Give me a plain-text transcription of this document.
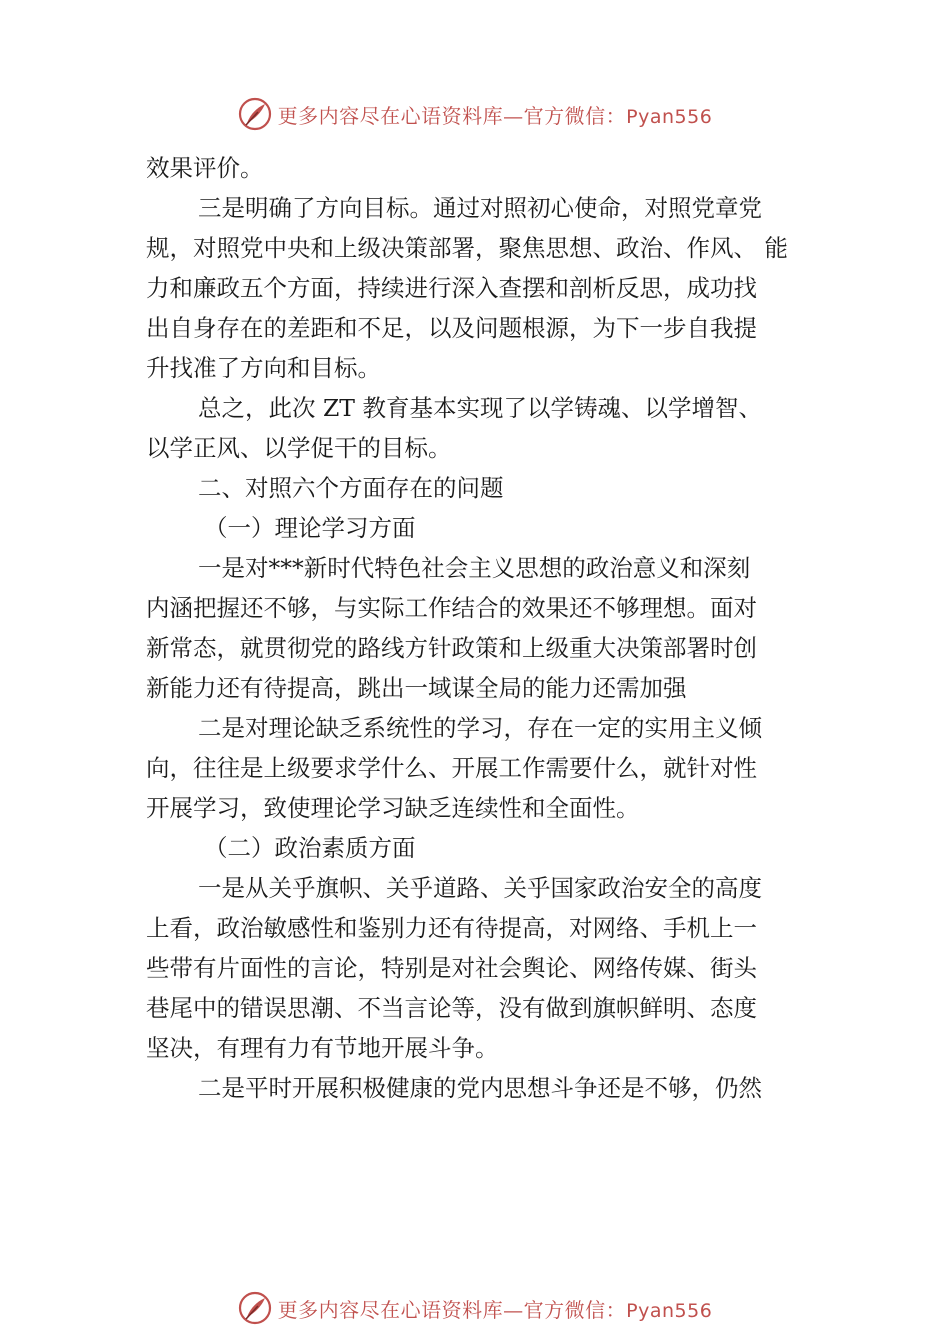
更多内容尽在心语资料库—官方微信：Pyan556
效果评价。
三是明确了方向目标。通过对照初心使命，对照党章党
规，对照党中央和上级决策部署，聚焦思想、政治、作风、 能
力和廉政五个方面，持续进行深入查摆和剖析反思，成功找
出自身存在的差距和不足，以及问题根源，为下一步自我提
升找准了方向和目标。
总之，此次 ZT 教育基本实现了以学铸魂、以学增智、
以学正风、以学促干的目标。
二、对照六个方面存在的问题
（一）理论学习方面
一是对***新时代特色社会主义思想的政治意义和深刻
内涵把握还不够，与实际工作结合的效果还不够理想。面对
新常态，就贯彻党的路线方针政策和上级重大决策部署时创
新能力还有待提高，跳出一域谋全局的能力还需加强
二是对理论缺乏系统性的学习，存在一定的实用主义倾
向，往往是上级要求学什么、开展工作需要什么，就针对性
开展学习，致使理论学习缺乏连续性和全面性。
（二）政治素质方面
一是从关乎旗帜、关乎道路、关乎国家政治安全的高度
上看，政治敏感性和鉴别力还有待提高，对网络、手机上一
些带有片面性的言论，特别是对社会舆论、网络传媒、街头
巷尾中的错误思潮、不当言论等，没有做到旗帜鲜明、态度
坚决，有理有力有节地开展斗争。
二是平时开展积极健康的党内思想斗争还是不够，仍然
更多内容尽在心语资料库—官方微信：Pyan556
